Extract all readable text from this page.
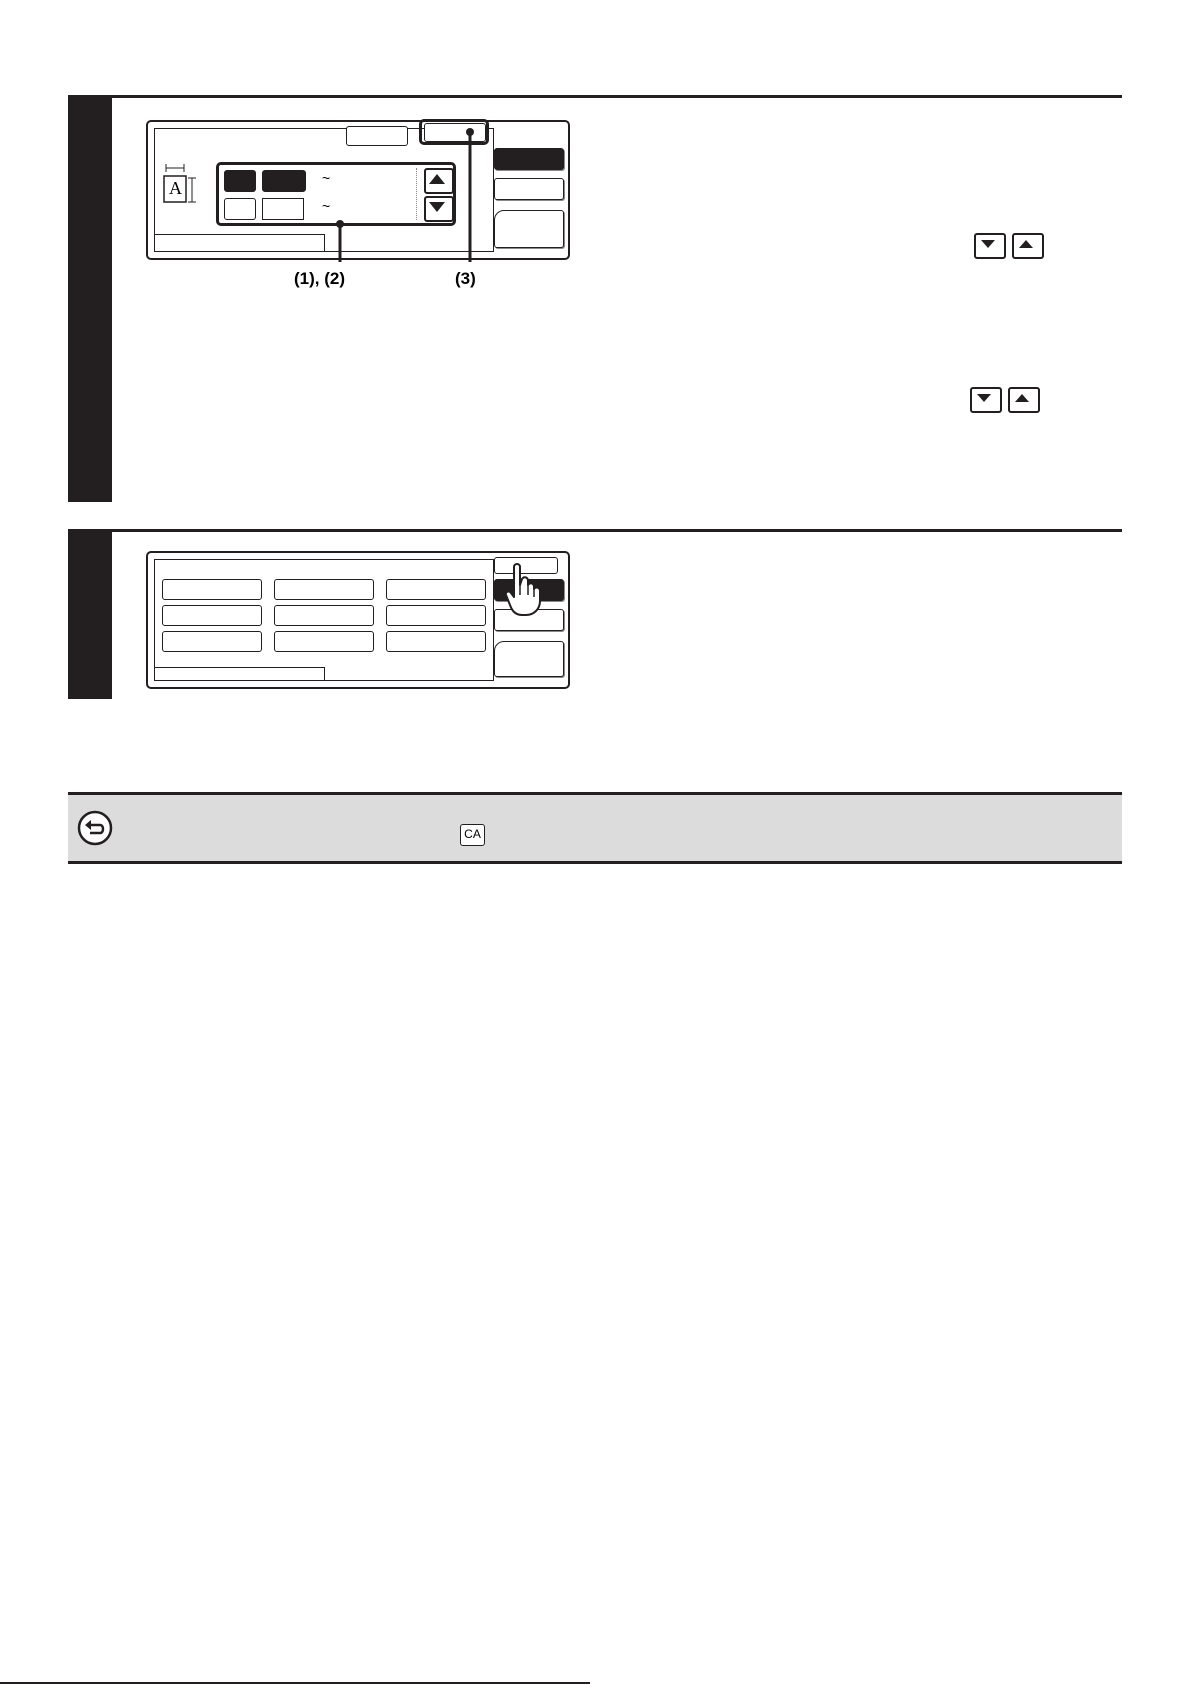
A	~
~
(1), (2)	(3)
CA
